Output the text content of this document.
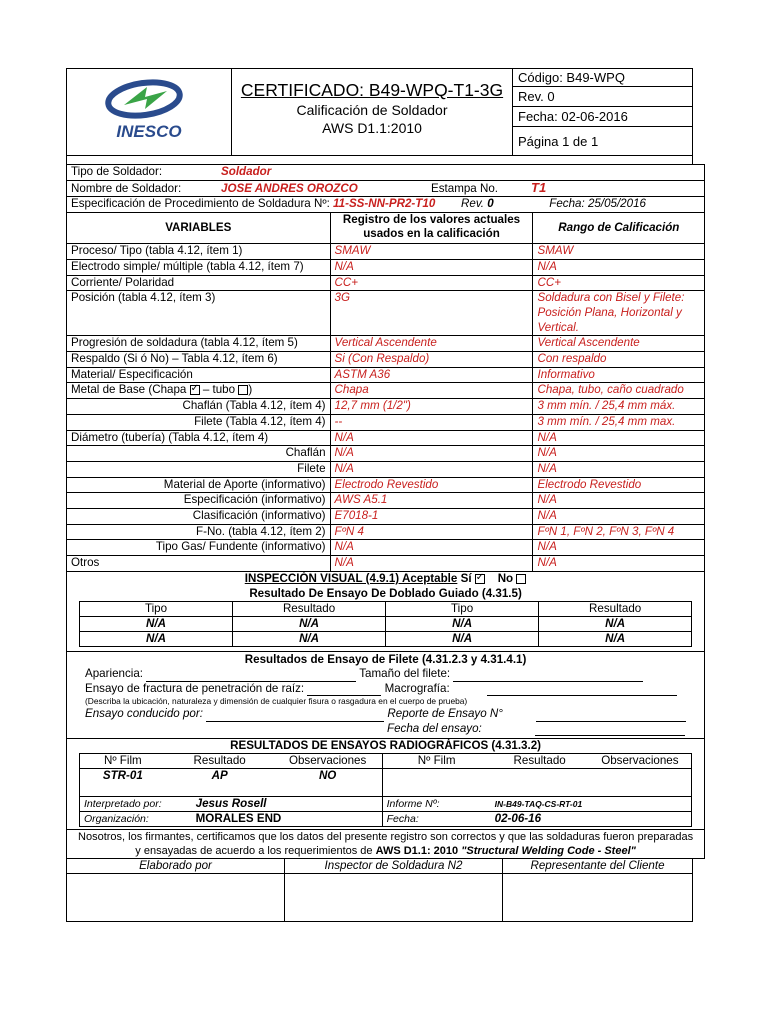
INESCO

CERTIFICADO: B49-WPQ-T1-3G
Calificación de Soldador
AWS D1.1:2010
	Código: B49-WPQ
Rev. 0
Fecha: 02-06-2016
Página 1 de 1
Tipo de Soldador:	Soldador
Nombre de Soldador:	JOSE ANDRES OROZCO	Estampa No.	T1
Especificación de Procedimiento de Soldadura Nº: 11-SS-NN-PR2-T10 Rev. 0	Fecha: 25/05/2016
VARIABLES	
Registro de los valores actuales
usados en la calificación	Rango de Calificación
Proceso/ Tipo (tabla 4.12, ítem 1)	SMAW	SMAW
Electrodo simple/ múltiple (tabla 4.12, ítem 7)	N/A	N/A
Corriente/ Polaridad	CC+	CC+
Posición (tabla 4.12, ítem 3)	3G	Soldadura con Bisel y Filete:
Posición Plana, Horizontal y
Vertical.

Progresión de soldadura (tabla 4.12, ítem 5)	Vertical Ascendente	Vertical Ascendente
Respaldo (Si ó No) – Tabla 4.12, ítem 6)	Si (Con Respaldo)	Con respaldo
Material/ Especificación	ASTM A36	Informativo
Metal de Base (Chapa ✓ – tubo )	Chapa	Chapa, tubo, caño cuadrado
Chaflán (Tabla 4.12, ítem 4)	12,7 mm (1/2")	3 mm mín. / 25,4 mm máx.
Filete (Tabla 4.12, ítem 4)	--	3 mm mín. / 25,4 mm max.
Diámetro (tubería) (Tabla 4.12, ítem 4)	N/A	N/A
Chaflán	N/A	N/A
Filete	N/A	N/A
Material de Aporte (informativo)	Electrodo Revestido	Electrodo Revestido
Especificación (informativo)	AWS A5.1	N/A
Clasificación (informativo)	E7018-1	N/A
F-No. (tabla 4.12, ítem 2)	FºN 4	FºN 1, FºN 2, FºN 3, FºN 4
Tipo Gas/ Fundente (informativo)	N/A	N/A
Otros	N/A	N/A
INSPECCIÓN VISUAL (4.9.1) Aceptable Sí ✓ No

Resultado De Ensayo De Doblado Guiado (4.31.5)
Tipo	Resultado	Tipo	Resultado
N/A	N/A	N/A	N/A
N/A	N/A	N/A	N/A

Resultados de Ensayo de Filete (4.31.2.3 y 4.31.4.1)
Apariencia:	Tamaño del filete:
Ensayo de fractura de penetración de raíz:	Macrografía:
(Describa la ubicación, naturaleza y dimensión de cualquier fisura o rasgadura en el cuerpo de prueba)
Ensayo conducido por:	Reporte de Ensayo N°
Fecha del ensayo:

RESULTADOS DE ENSAYOS RADIOGRÁFICOS (4.31.3.2)
Nº Film	Resultado	Observaciones	Nº Film	Resultado	Observaciones
STR-01	AP	NO			
Interpretado por:	Jesus Rosell	Informe Nº:	IN-B49-TAQ-CS-RT-01
Organización:	MORALES END	Fecha:	02-06-16

Nosotros, los firmantes, certificamos que los datos del presente registro son correctos y que las soldaduras fueron preparadas
y ensayadas de acuerdo a los requerimientos de AWS D1.1: 2010 "Structural Welding Code - Steel"
Elaborado por	Inspector de Soldadura N2	Representante del Cliente
